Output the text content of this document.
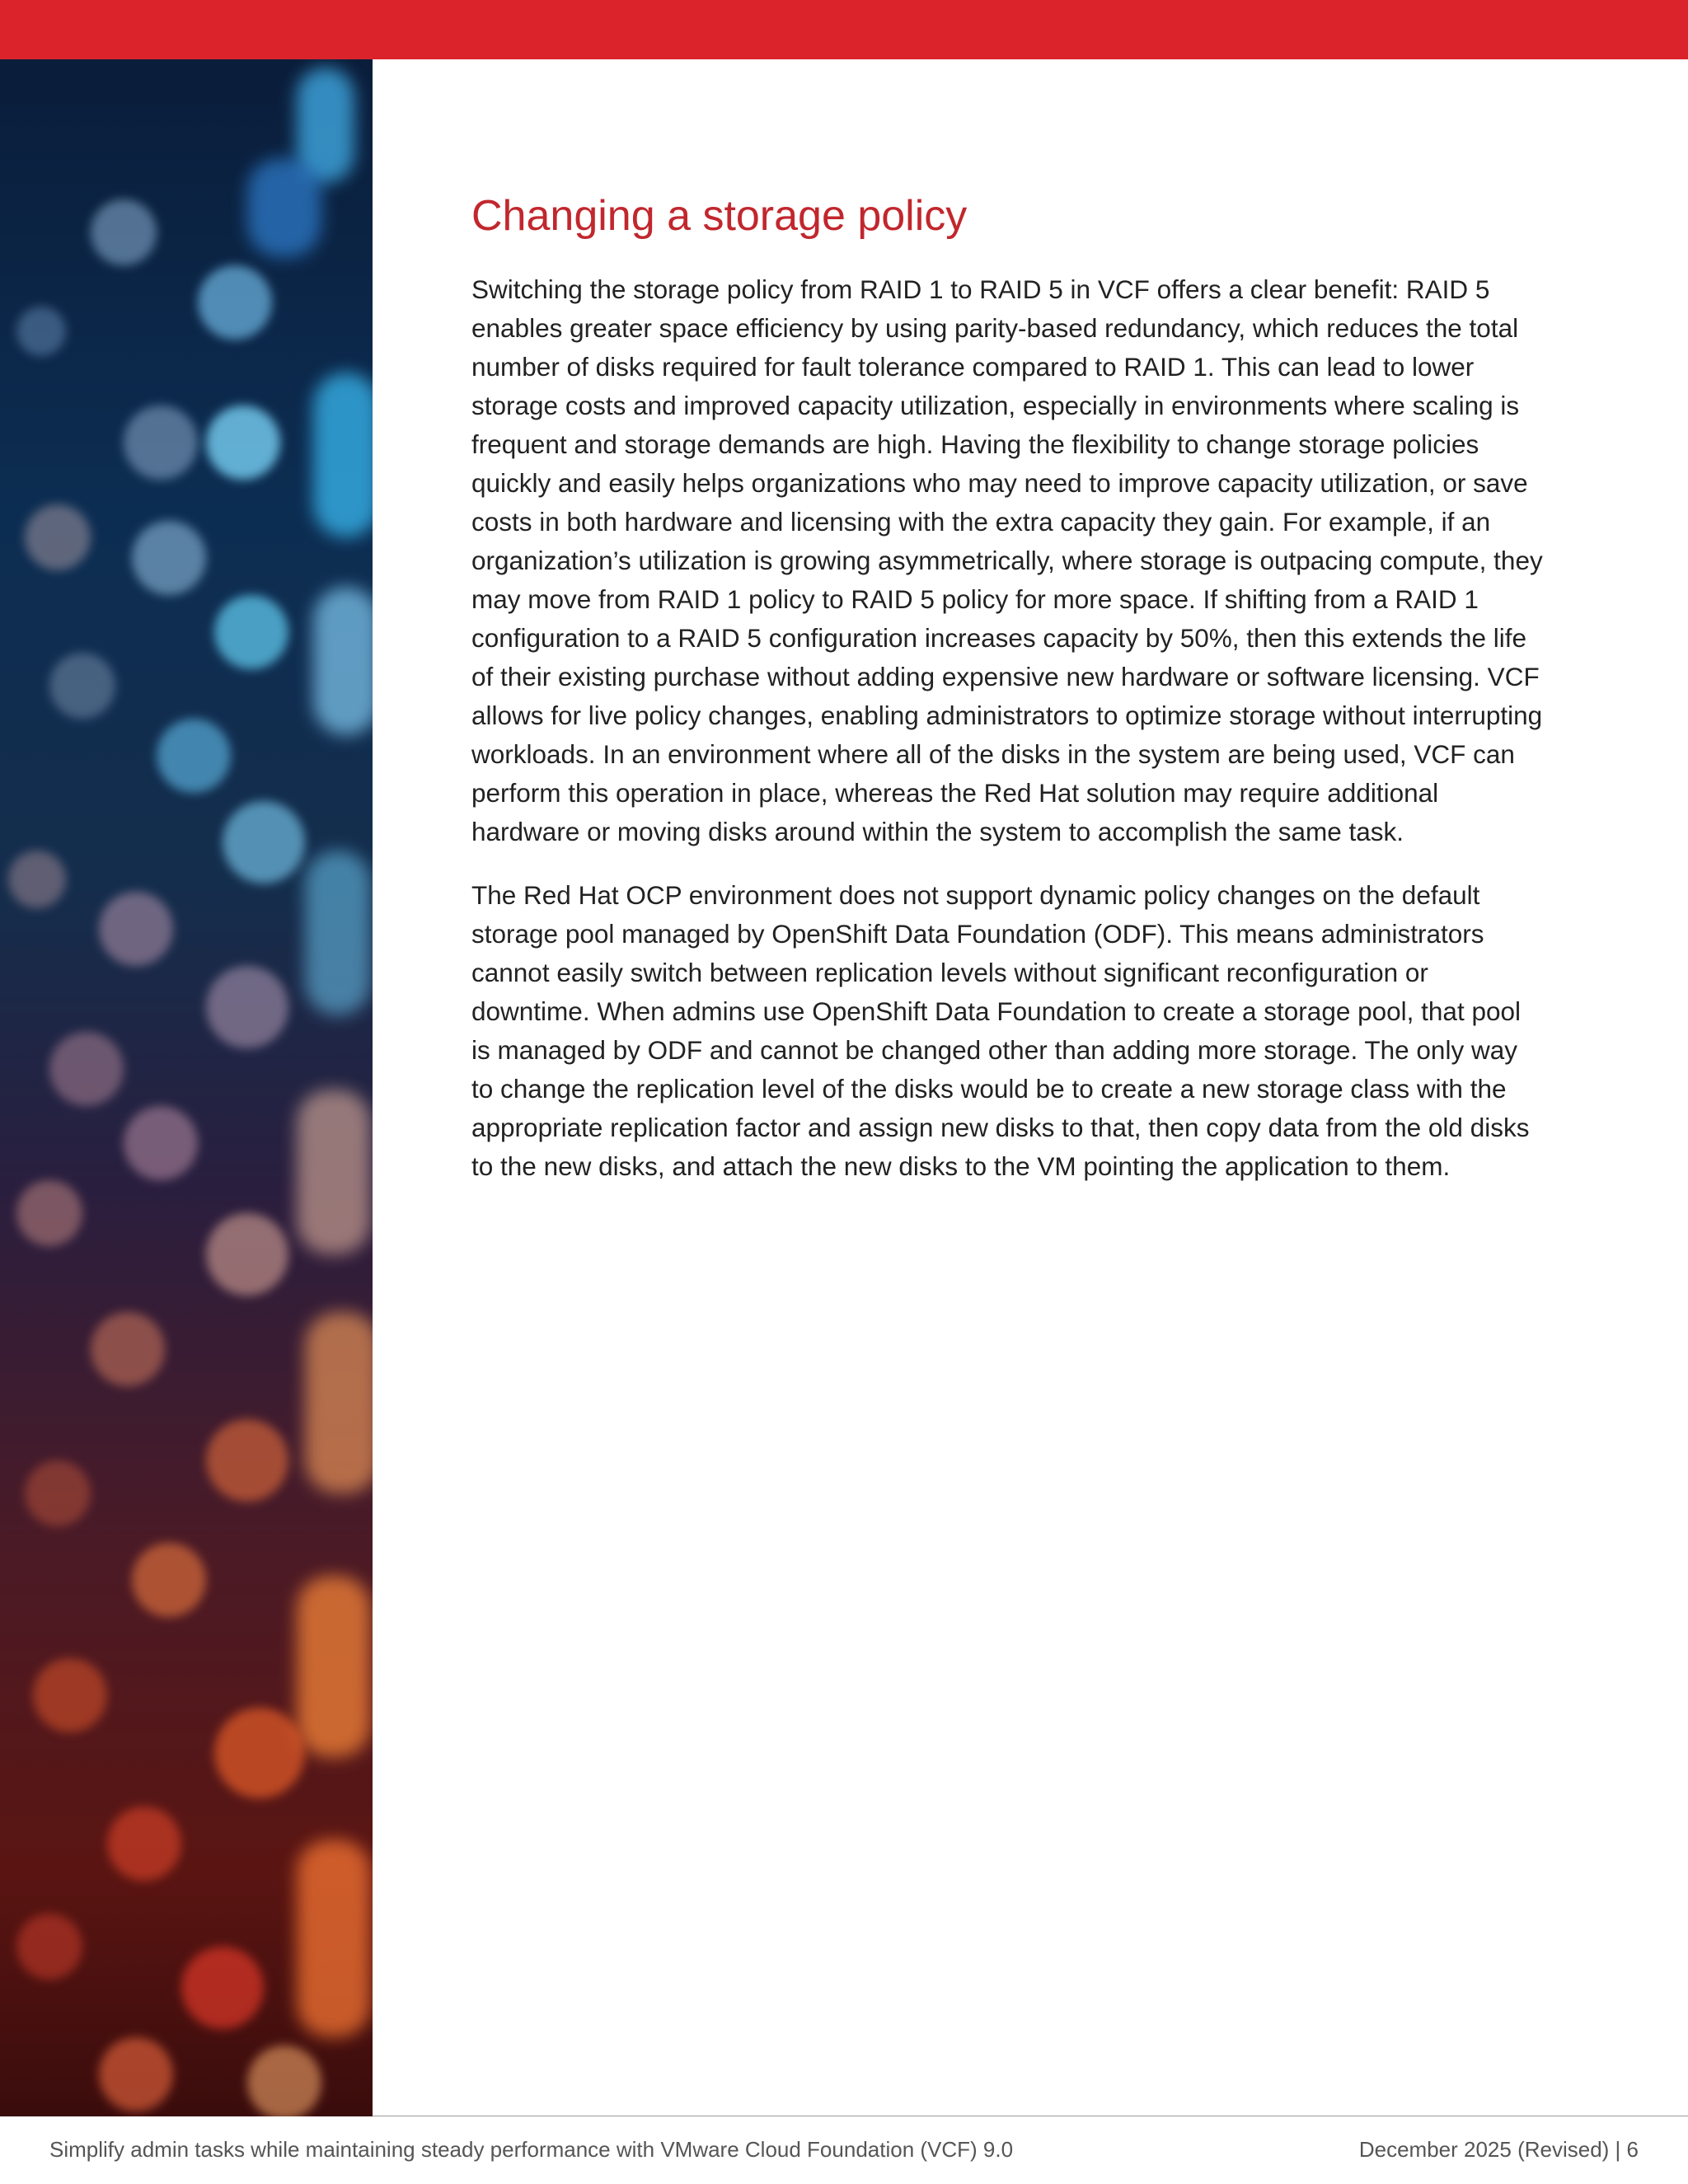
Changing a storage policy

Switching the storage policy from RAID 1 to RAID 5 in VCF offers a clear benefit: RAID 5 enables greater space efficiency by using parity-based redundancy, which reduces the total number of disks required for fault tolerance compared to RAID 1. This can lead to lower storage costs and improved capacity utilization, especially in environments where scaling is frequent and storage demands are high. Having the flexibility to change storage policies quickly and easily helps organizations who may need to improve capacity utilization, or save costs in both hardware and licensing with the extra capacity they gain. For example, if an organization’s utilization is growing asymmetrically, where storage is outpacing compute, they may move from RAID 1 policy to RAID 5 policy for more space. If shifting from a RAID 1 configuration to a RAID 5 configuration increases capacity by 50%, then this extends the life of their existing purchase without adding expensive new hardware or software licensing. VCF allows for live policy changes, enabling administrators to optimize storage without interrupting workloads. In an environment where all of the disks in the system are being used, VCF can perform this operation in place, whereas the Red Hat solution may require additional hardware or moving disks around within the system to accomplish the same task.

The Red Hat OCP environment does not support dynamic policy changes on the default storage pool managed by OpenShift Data Foundation (ODF). This means administrators cannot easily switch between replication levels without significant reconfiguration or downtime. When admins use OpenShift Data Foundation to create a storage pool, that pool is managed by ODF and cannot be changed other than adding more storage. The only way to change the replication level of the disks would be to create a new storage class with the appropriate replication factor and assign new disks to that, then copy data from the old disks to the new disks, and attach the new disks to the VM pointing the application to them.

Simplify admin tasks while maintaining steady performance with VMware Cloud Foundation (VCF) 9.0	December 2025 (Revised) | 6
